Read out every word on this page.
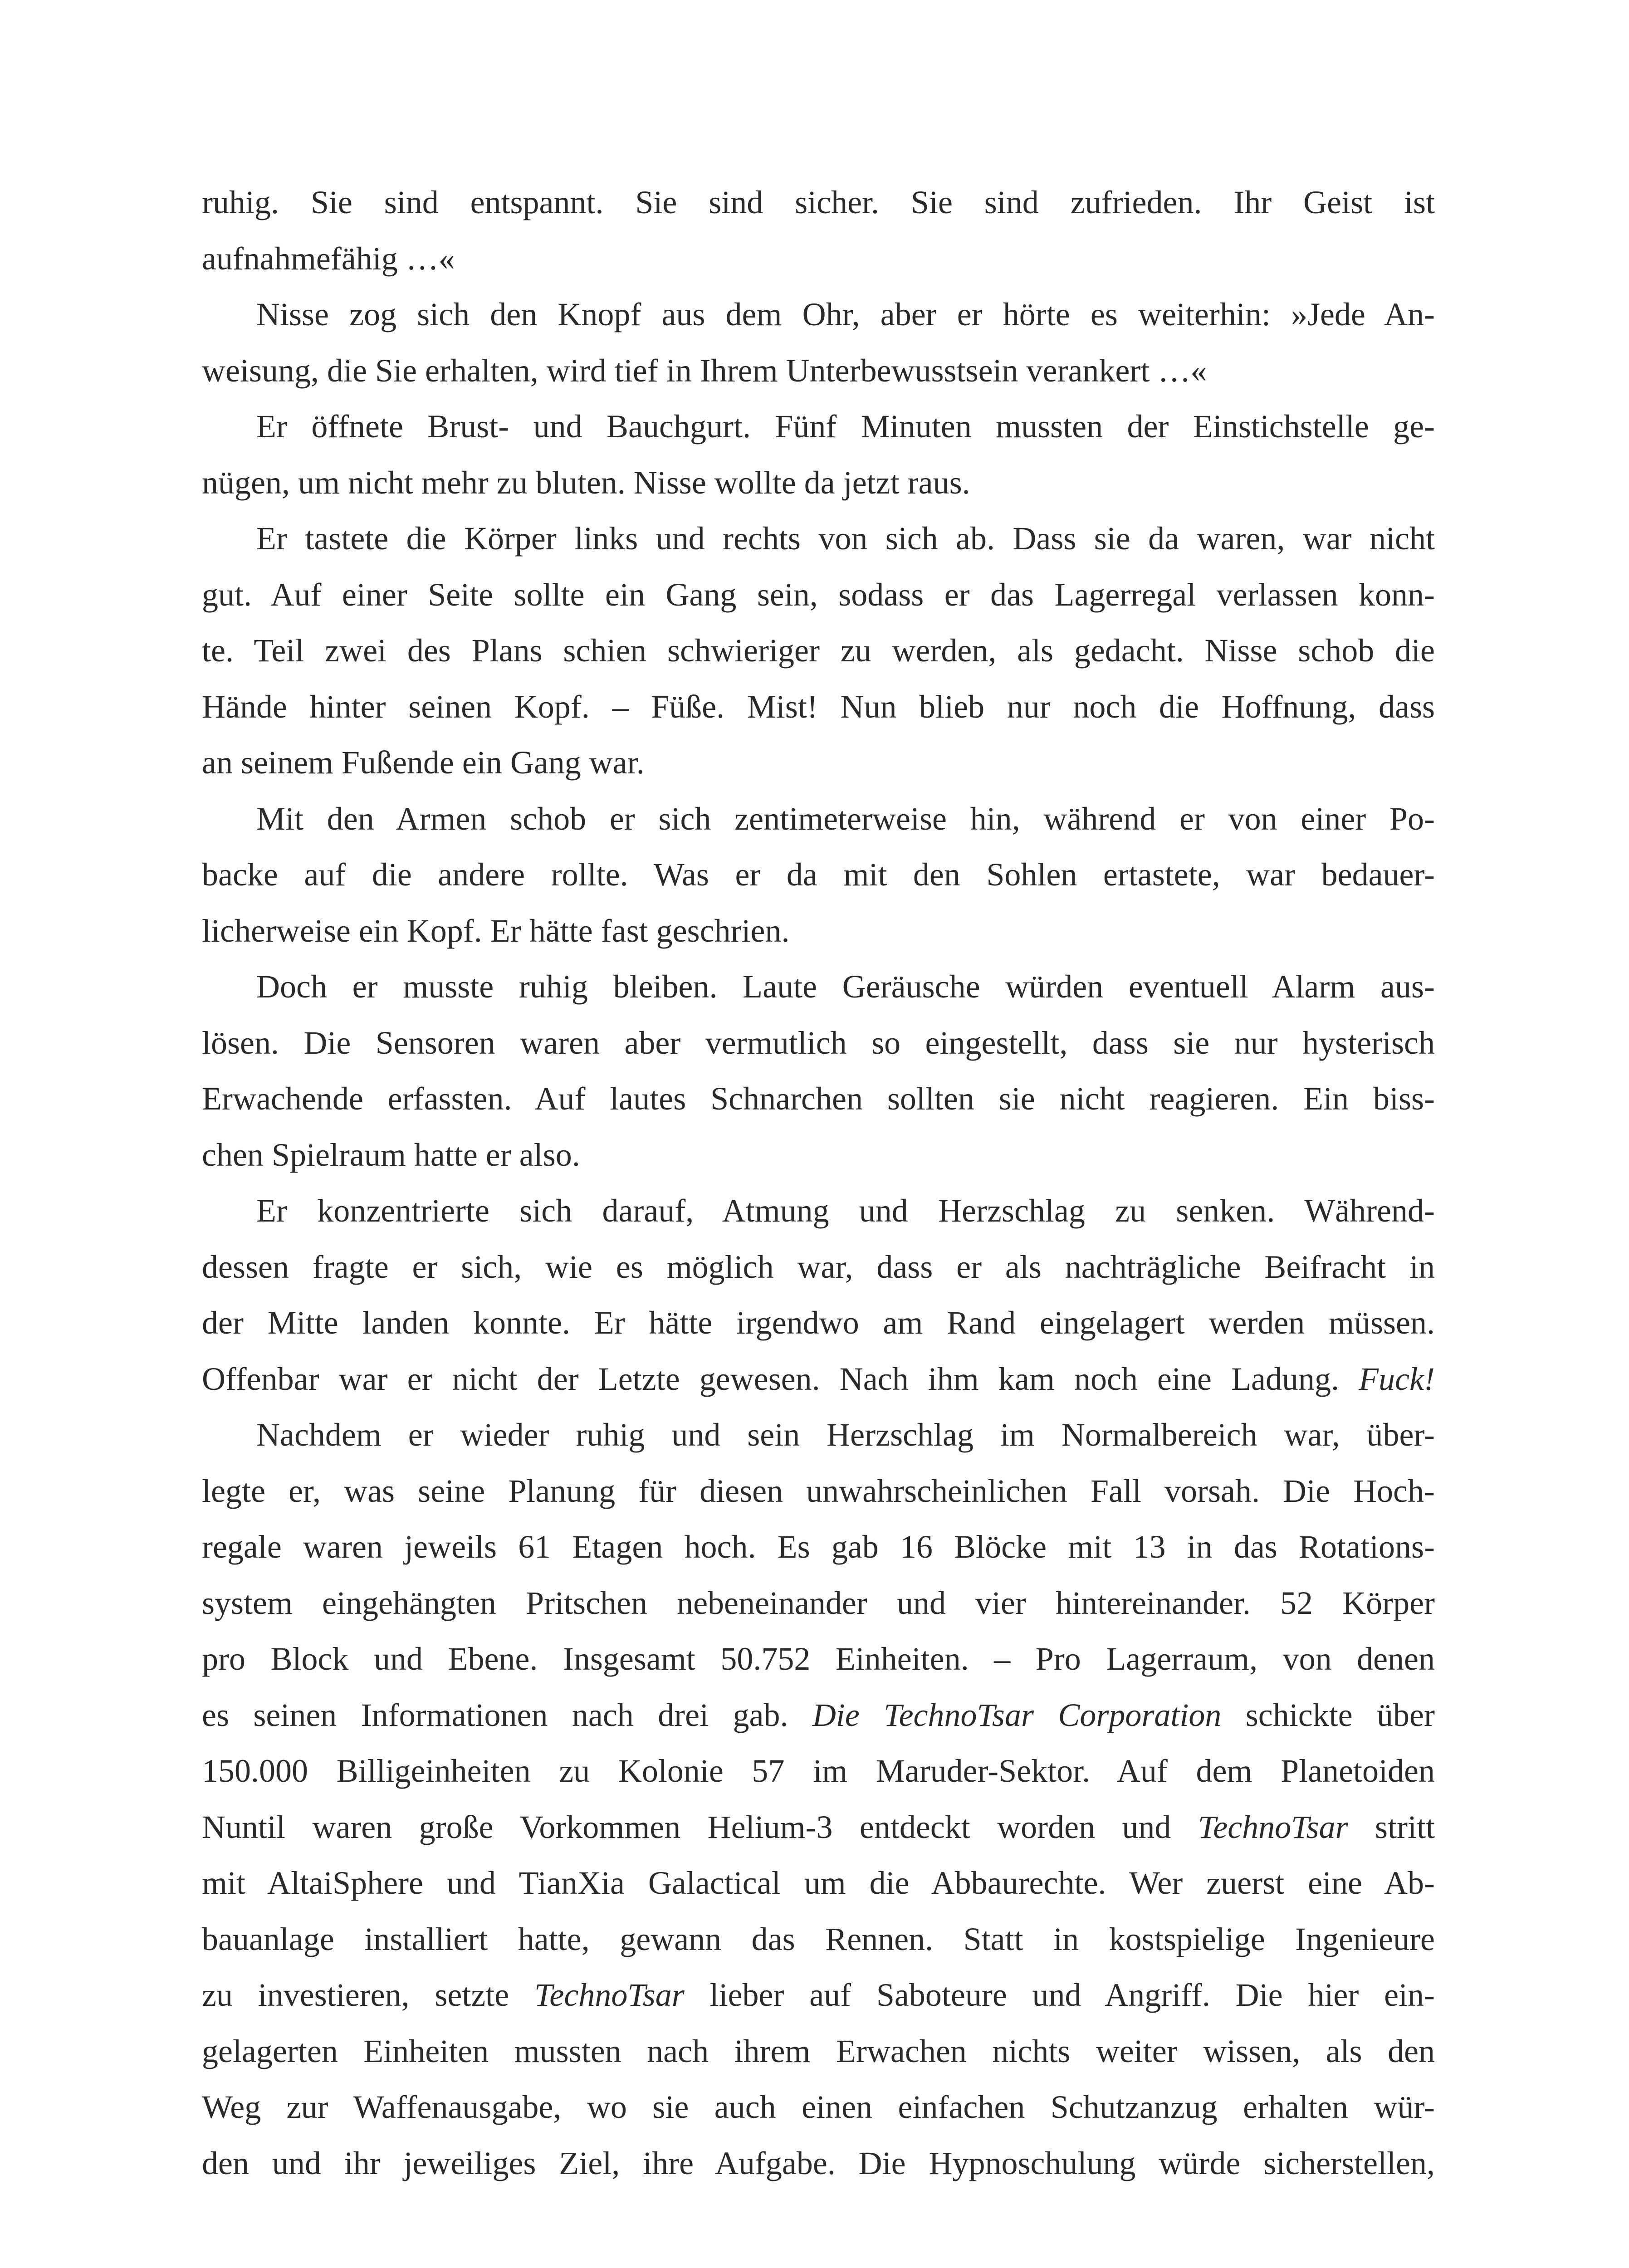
ruhig. Sie sind entspannt. Sie sind sicher. Sie sind zufrieden. Ihr Geist ist
aufnahmefähig …«
Nisse zog sich den Knopf aus dem Ohr, aber er hörte es weiterhin: »Jede An-
weisung, die Sie erhalten, wird tief in Ihrem Unterbewusstsein verankert …«
Er öffnete Brust- und Bauchgurt. Fünf Minuten mussten der Einstichstelle ge-
nügen, um nicht mehr zu bluten. Nisse wollte da jetzt raus.
Er tastete die Körper links und rechts von sich ab. Dass sie da waren, war nicht
gut. Auf einer Seite sollte ein Gang sein, sodass er das Lagerregal verlassen konn-
te. Teil zwei des Plans schien schwieriger zu werden, als gedacht. Nisse schob die
Hände hinter seinen Kopf. – Füße. Mist! Nun blieb nur noch die Hoffnung, dass
an seinem Fußende ein Gang war.
Mit den Armen schob er sich zentimeterweise hin, während er von einer Po-
backe auf die andere rollte. Was er da mit den Sohlen ertastete, war bedauer-
licherweise ein Kopf. Er hätte fast geschrien.
Doch er musste ruhig bleiben. Laute Geräusche würden eventuell Alarm aus-
lösen. Die Sensoren waren aber vermutlich so eingestellt, dass sie nur hysterisch
Erwachende erfassten. Auf lautes Schnarchen sollten sie nicht reagieren. Ein biss-
chen Spielraum hatte er also.
Er konzentrierte sich darauf, Atmung und Herzschlag zu senken. Während-
dessen fragte er sich, wie es möglich war, dass er als nachträgliche Beifracht in
der Mitte landen konnte. Er hätte irgendwo am Rand eingelagert werden müssen.
Offenbar war er nicht der Letzte gewesen. Nach ihm kam noch eine Ladung. Fuck!
Nachdem er wieder ruhig und sein Herzschlag im Normalbereich war, über-
legte er, was seine Planung für diesen unwahrscheinlichen Fall vorsah. Die Hoch-
regale waren jeweils 61 Etagen hoch. Es gab 16 Blöcke mit 13 in das Rotations-
system eingehängten Pritschen nebeneinander und vier hintereinander. 52 Körper
pro Block und Ebene. Insgesamt 50.752 Einheiten. – Pro Lagerraum, von denen
es seinen Informationen nach drei gab. Die TechnoTsar Corporation schickte über
150.000 Billigeinheiten zu Kolonie 57 im Maruder-Sektor. Auf dem Planetoiden
Nuntil waren große Vorkommen Helium-3 entdeckt worden und TechnoTsar stritt
mit AltaiSphere und TianXia Galactical um die Abbaurechte. Wer zuerst eine Ab-
bauanlage installiert hatte, gewann das Rennen. Statt in kostspielige Ingenieure
zu investieren, setzte TechnoTsar lieber auf Saboteure und Angriff. Die hier ein-
gelagerten Einheiten mussten nach ihrem Erwachen nichts weiter wissen, als den
Weg zur Waffenausgabe, wo sie auch einen einfachen Schutzanzug erhalten wür-
den und ihr jeweiliges Ziel, ihre Aufgabe. Die Hypnoschulung würde sicherstellen,
